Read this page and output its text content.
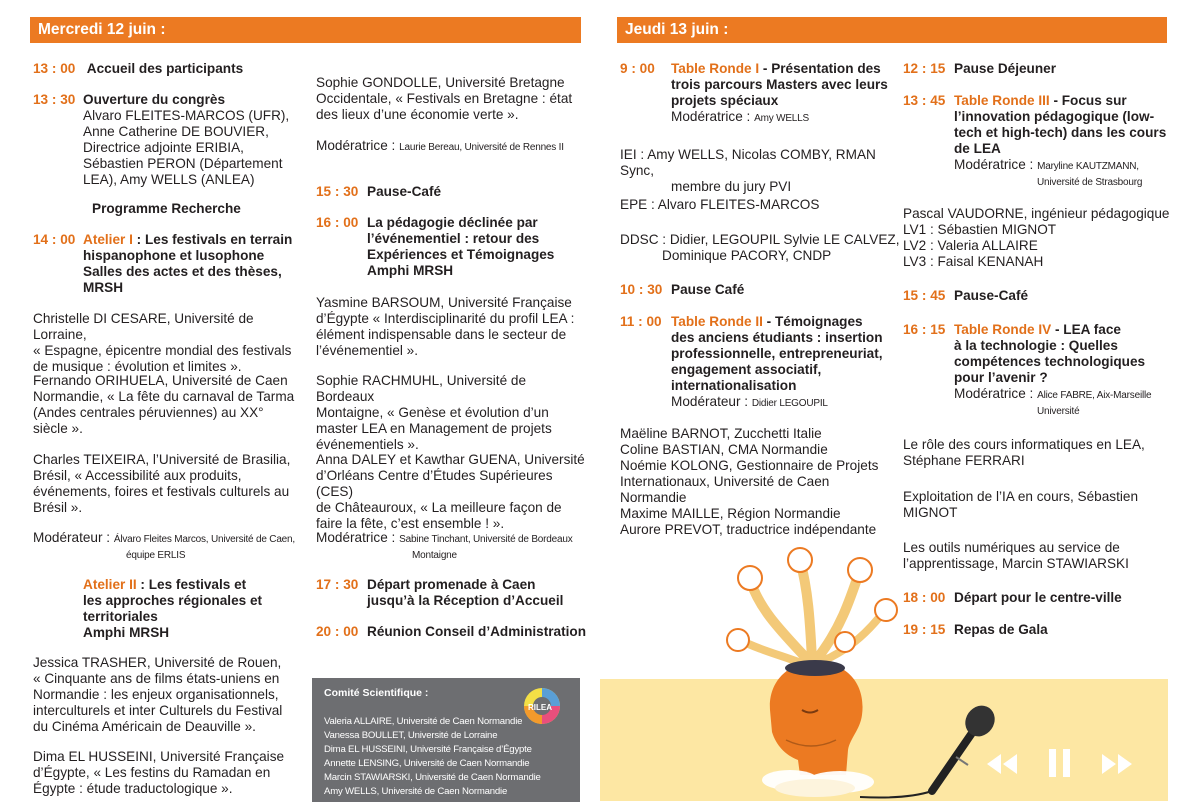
Mercredi 12 juin :	Jeudi 13 juin :
13 : 00 Accueil des participants
13 : 30 Ouverture du congrès
Alvaro FLEITES-MARCOS (UFR),
Anne Catherine DE BOUVIER,
Directrice adjointe ERIBIA,
Sébastien PERON (Département
LEA), Amy WELLS (ANLEA)
Programme Recherche
14 : 00 Atelier I : Les festivals en terrain
hispanophone et lusophone
Salles des actes et des thèses, MRSH
Christelle DI CESARE, Université de Lorraine,
« Espagne, épicentre mondial des festivals
de musique : évolution et limites ».
Fernando ORIHUELA, Université de Caen
Normandie, « La fête du carnaval de Tarma
(Andes centrales péruviennes) au XX°
siècle ».
Charles TEIXEIRA, l’Université de Brasilia,
Brésil, « Accessibilité aux produits,
événements, foires et festivals culturels au
Brésil ».
Modérateur : Álvaro Fleites Marcos, Université de Caen,
équipe ERLIS
Atelier II : Les festivals et
les approches régionales et
territoriales
Amphi MRSH
Jessica TRASHER, Université de Rouen,
« Cinquante ans de films états-uniens en
Normandie : les enjeux organisationnels,
interculturels et inter Culturels du Festival
du Cinéma Américain de Deauville ».
Dima EL HUSSEINI, Université Française
d’Égypte, « Les festins du Ramadan en
Égypte : étude traductologique ».
Sophie GONDOLLE, Université Bretagne
Occidentale, « Festivals en Bretagne : état
des lieux d’une économie verte ».
Modératrice : Laurie Bereau, Université de Rennes II
15 : 30 Pause-Café
16 : 00 La pédagogie déclinée par
l’événementiel : retour des
Expériences et Témoignages
Amphi MRSH
Yasmine BARSOUM, Université Française
d’Égypte « Interdisciplinarité du profil LEA :
élément indispensable dans le secteur de
l’événementiel ».
Sophie RACHMUHL, Université de Bordeaux
Montaigne, « Genèse et évolution d’un
master LEA en Management de projets
événementiels ».
Anna DALEY et Kawthar GUENA, Université
d’Orléans Centre d’Études Supérieures (CES)
de Châteauroux, « La meilleure façon de
faire la fête, c’est ensemble ! ».
Modératrice : Sabine Tinchant, Université de Bordeaux
Montaigne
17 : 30 Départ promenade à Caen
jusqu’à la Réception d’Accueil
20 : 00 Réunion Conseil d’Administration
Comité Scientifique :
Valeria ALLAIRE, Université de Caen Normandie
Vanessa BOULLET, Université de Lorraine
Dima EL HUSSEINI, Université Française d’Égypte
Annette LENSING, Université de Caen Normandie
Marcin STAWIARSKI, Université de Caen Normandie
Amy WELLS, Université de Caen Normandie
RILEA
9 : 00 Table Ronde I - Présentation des
trois parcours Masters avec leurs
projets spéciaux
Modératrice : Amy WELLS
IEI : Amy WELLS, Nicolas COMBY, RMAN Sync,
membre du jury PVI
EPE : Alvaro FLEITES-MARCOS
DDSC : Didier, LEGOUPIL Sylvie LE CALVEZ,
Dominique PACORY, CNDP
10 : 30 Pause Café
11 : 00 Table Ronde II - Témoignages
des anciens étudiants : insertion
professionnelle, entrepreneuriat,
engagement associatif,
internationalisation
Modérateur : Didier LEGOUPIL
Maëline BARNOT, Zucchetti Italie
Coline BASTIAN, CMA Normandie
Noémie KOLONG, Gestionnaire de Projets
Internationaux, Université de Caen
Normandie
Maxime MAILLE, Région Normandie
Aurore PREVOT, traductrice indépendante
12 : 15 Pause Déjeuner
13 : 45 Table Ronde III - Focus sur
l’innovation pédagogique (low-
tech et high-tech) dans les cours
de LEA
Modératrice : Maryline KAUTZMANN,
Université de Strasbourg
Pascal VAUDORNE, ingénieur pédagogique
LV1 : Sébastien MIGNOT
LV2 : Valeria ALLAIRE
LV3 : Faisal KENANAH
15 : 45 Pause-Café
16 : 15 Table Ronde IV - LEA face
à la technologie : Quelles
compétences technologiques
pour l’avenir ?
Modératrice : Alice FABRE, Aix-Marseille
Université
Le rôle des cours informatiques en LEA,
Stéphane FERRARI
Exploitation de l’IA en cours, Sébastien
MIGNOT
Les outils numériques au service de
l’apprentissage, Marcin STAWIARSKI
18 : 00 Départ pour le centre-ville
19 : 15 Repas de Gala
